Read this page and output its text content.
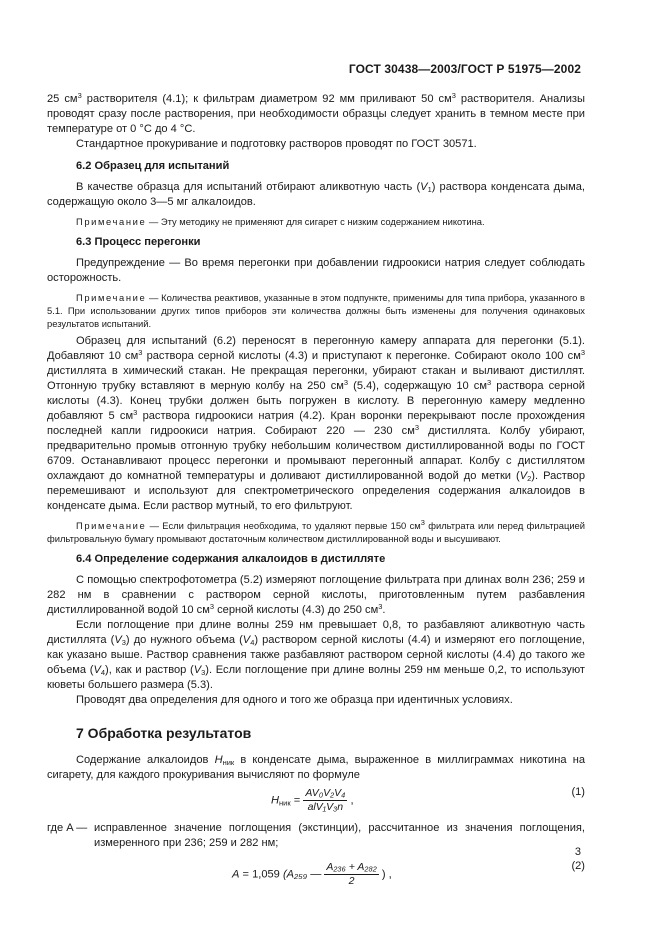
ГОСТ 30438—2003/ГОСТ Р 51975—2002

25 $см^3$ растворителя (4.1); к фильтрам диаметром 92 мм приливают 50 $см^3$ растворителя. Анализы проводят сразу после растворения, при необходимости образцы следует хранить в темном месте при температуре от 0 °С до 4 °С.

Стандартное прокуривание и подготовку растворов проводят по ГОСТ 30571.

6.2 Образец для испытаний

В качестве образца для испытаний отбирают аликвотную часть $(V_1)$ раствора конденсата дыма, содержащую около 3—5 мг алкалоидов.

Примечание — Эту методику не применяют для сигарет с низким содержанием никотина.

6.3 Процесс перегонки

Предупреждение — Во время перегонки при добавлении гидроокиси натрия следует соблюдать осторожность.

Примечание — Количества реактивов, указанные в этом подпункте, применимы для типа прибора, указанного в 5.1. При использовании других типов приборов эти количества должны быть изменены для получения одинаковых результатов испытаний.

Образец для испытаний (6.2) переносят в перегонную камеру аппарата для перегонки (5.1). Добавляют 10 $см^3$ раствора серной кислоты (4.3) и приступают к перегонке. Собирают около 100 $см^3$ дистиллята в химический стакан. Не прекращая перегонки, убирают стакан и выливают дистиллят. Отгонную трубку вставляют в мерную колбу на 250 $см^3$ (5.4), содержащую 10 $см^3$ раствора серной кислоты (4.3). Конец трубки должен быть погружен в кислоту. В перегонную камеру медленно добавляют 5 $см^3$ раствора гидроокиси натрия (4.2). Кран воронки перекрывают после прохождения последней капли гидроокиси натрия. Собирают 220 — 230 $см^3$ дистиллята. Колбу убирают, предварительно промыв отгонную трубку небольшим количеством дистиллированной воды по ГОСТ 6709. Останавливают процесс перегонки и промывают перегонный аппарат. Колбу с дистиллятом охлаждают до комнатной температуры и доливают дистиллированной водой до метки $(V_2)$. Раствор перемешивают и используют для спектрометрического определения содержания алкалоидов в конденсате дыма. Если раствор мутный, то его фильтруют.

Примечание — Если фильтрация необходима, то удаляют первые 150 $см^3$ фильтрата или перед фильтрацией фильтровальную бумагу промывают достаточным количеством дистиллированной воды и высушивают.

6.4 Определение содержания алкалоидов в дистилляте

С помощью спектрофотометра (5.2) измеряют поглощение фильтрата при длинах волн 236; 259 и 282 нм в сравнении с раствором серной кислоты, приготовленным путем разбавления дистиллированной водой 10 $см^3$ серной кислоты (4.3) до 250 $см^3$.

Если поглощение при длине волны 259 нм превышает 0,8, то разбавляют аликвотную часть дистиллята $(V_3)$ до нужного объема $(V_4)$ раствором серной кислоты (4.4) и измеряют его поглощение, как указано выше. Раствор сравнения также разбавляют раствором серной кислоты (4.4) до такого же объема $(V_4)$, как и раствор $(V_3)$. Если поглощение при длине волны 259 нм меньше 0,2, то используют кюветы большего размера (5.3).

Проводят два определения для одного и того же образца при идентичных условиях.

7 Обработка результатов

Содержание алкалоидов $H_{ник}$ в конденсате дыма, выраженное в миллиграммах никотина на сигарету, для каждого прокуривания вычисляют по формуле

$H_{ник} = \frac{\text{AV₀V₂V₄}}{\text{alV₁V₃n}}$ ,
(1)
где A — исправленное значение поглощения (экстинции), рассчитанное из значения поглощения, измеренного при 236; 259 и 282 нм;
A = 1,059 (A₂₅₉ — $\frac{\text{A₂₃₆ + A₂₈₂}}{2}$ ) ,
(2)
3
